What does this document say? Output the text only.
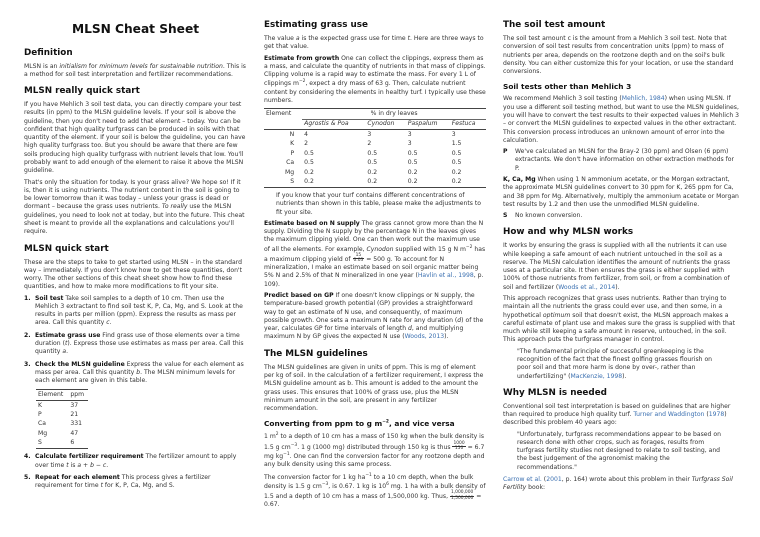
MLSN Cheat Sheet
Definition

MLSN is an initialism for minimum levels for sustainable nutrition. This is a method for soil test interpretation and fertilizer recommendations.

MLSN really quick start

If you have Mehlich 3 soil test data, you can directly compare your test results (in ppm) to the MLSN guideline levels. If your soil is above the guideline, then you don't need to add that element – today. You can be confident that high quality turfgrass can be produced in soils with that quantity of the element. If your soil is below the guideline, you can have high quality turfgrass too. But you should be aware that there are few soils producing high quality turfgrass with nutrient levels that low. You'll probably want to add enough of the element to raise it above the MLSN guideline.

That's only the situation for today. Is your grass alive? We hope so! If it is, then it is using nutrients. The nutrient content in the soil is going to be lower tomorrow than it was today – unless your grass is dead or dormant – because the grass uses nutrients. To really use the MLSN guidelines, you need to look not at today, but into the future. This cheat sheet is meant to provide all the explanations and calculations you'll require.

MLSN quick start

These are the steps to take to get started using MLSN – in the standard way – immediately. If you don't know how to get these quantities, don't worry. The other sections of this cheat sheet show how to find these quantities, and how to make more modifications to fit your site.

1. Soil test Take soil samples to a depth of 10 cm. Then use the Mehlich 3 extractant to find soil test K, P, Ca, Mg, and S. Look at the results in parts per million (ppm). Express the results as mass per area. Call this quantity c.
2. Estimate grass use Find grass use of those elements over a time duration (t). Express those use estimates as mass per area. Call this quantity a.
3. Check the MLSN guideline Express the value for each element as mass per area. Call this quantity b. The MLSN minimum levels for each element are given in this table.
Element	ppm
K	37
P	21
Ca	331
Mg	47
S	6
4. Calculate fertilizer requirement The fertilizer amount to apply over time t is a + b − c.
5. Repeat for each element This process gives a fertilizer requirement for time t for K, P, Ca, Mg, and S.
Estimating grass use

The value a is the expected grass use for time t. Here are three ways to get that value.

Estimate from growth One can collect the clippings, express them as a mass, and calculate the quantity of nutrients in that mass of clippings. Clipping volume is a rapid way to estimate the mass. For every 1 L of clippings $m^{-2}$, expect a dry mass of 63 g. Then, calculate nutrient content by considering the elements in healthy turf. I typically use these numbers.

Element	% in dry leaves			
	Agrostis & Poa	Cynodon	Paspalum	Festuca
N	4	3	3	3
K	2	2	3	1.5
P	0.5	0.5	0.5	0.5
Ca	0.5	0.5	0.5	0.5
Mg	0.2	0.2	0.2	0.2
S	0.2	0.2	0.2	0.2

If you know that your turf contains different concentrations of nutrients than shown in this table, please make the adjustments to fit your site.

Estimate based on N supply The grass cannot grow more than the N supply. Dividing the N supply by the percentage N in the leaves gives the maximum clipping yield. One can then work out the maximum use of all the elements. For example, Cynodon supplied with 15 g N $m^{-2}$ has a maximum clipping yield of $\frac{15}{0.03} = 500$ g. To account for N mineralization, I make an estimate based on soil organic matter being 5% N and 2.5% of that N mineralized in one year (Havlin et al., 1998, p. 109).

Predict based on GP If one doesn't know clippings or N supply, the temperature-based growth potential (GP) provides a straightforward way to get an estimate of N use, and consequently, of maximum possible growth. One sets a maximum N rate for any duration (d) of the year, calculates GP for time intervals of length d, and multiplying maximum N by GP gives the expected N use (Woods, 2013).

The MLSN guidelines

The MLSN guidelines are given in units of ppm. This is mg of element per kg of soil. In the calculation of a fertilizer requirement, I express the MLSN guideline amount as b. This amount is added to the amount the grass uses. This ensures that 100% of grass use, plus the MLSN minimum amount in the soil, are present in any fertilizer recommendation.

Converting from ppm to g $m^{-2}$, and vice versa

1 $m^2$ to a depth of 10 cm has a mass of 150 kg when the bulk density is 1.5 g $cm^{-3}$. 1 g (1000 mg) distributed through 150 kg is thus $\frac{1000}{150} = 6.7$ mg $kg^{-1}$. One can find the conversion factor for any rootzone depth and any bulk density using this same process.

The conversion factor for 1 kg $ha^{-1}$ to a 10 cm depth, when the bulk density is 1.5 g $cm^{-3}$, is 0.67. 1 kg is $10^6$ mg. 1 ha with a bulk density of 1.5 and a depth of 10 cm has a mass of 1,500,000 kg. Thus, $\frac{1,000,000}{1,500,000} = 0.67$.

The soil test amount

The soil test amount c is the amount from a Mehlich 3 soil test. Note that conversion of soil test results from concentration units (ppm) to mass of nutrients per area, depends on the rootzone depth and on the soil's bulk density. You can either customize this for your location, or use the standard conversions.

Soil tests other than Mehlich 3

We recommend Mehlich 3 soil testing (Mehlich, 1984) when using MLSN. If you use a different soil testing method, but want to use the MLSN guidelines, you will have to convert the test results to their expected values in Mehlich 3 – or convert the MLSN guidelines to expected values in the other extractant. This conversion process introduces an unknown amount of error into the calculation.

P We've calculated an MLSN for the Bray-2 (30 ppm) and Olsen (6 ppm) extractants. We don't have information on other extraction methods for P.
K, Ca, Mg When using 1 N ammonium acetate, or the Morgan extractant, the approximate MLSN guidelines convert to 30 ppm for K, 265 ppm for Ca, and 38 ppm for Mg. Alternatively, multiply the ammonium acetate or Morgan test results by 1.2 and then use the unmodified MLSN guideline.
S No known conversion.
How and why MLSN works

It works by ensuring the grass is supplied with all the nutrients it can use while keeping a safe amount of each nutrient untouched in the soil as a reserve. The MLSN calculation identifies the amount of nutrients the grass uses at a particular site. It then ensures the grass is either supplied with 100% of those nutrients from fertilizer, from soil, or from a combination of soil and fertilizer (Woods et al., 2014).

This approach recognizes that grass uses nutrients. Rather than trying to maintain all the nutrients the grass could ever use, and then some, in a hypothetical optimum soil that doesn't exist, the MLSN approach makes a careful estimate of plant use and makes sure the grass is supplied with that much while still keeping a safe amount in reserve, untouched, in the soil. This approach puts the turfgrass manager in control.

"The fundamental principle of successful greenkeeping is the recognition of the fact that the finest golfing grasses flourish on poor soil and that more harm is done by over-, rather than underfertilizing" (MacKenzie, 1998).

Why MLSN is needed

Conventional soil test interpretation is based on guidelines that are higher than required to produce high quality turf. Turner and Waddington (1978) described this problem 40 years ago:

"Unfortunately, turfgrass recommendations appear to be based on research done with other crops, such as forages, results from turfgrass fertility studies not designed to relate to soil testing, and the best judgement of the agronomist making the recommendations."

Carrow et al. (2001, p. 164) wrote about this problem in their Turfgrass Soil Fertility book:
